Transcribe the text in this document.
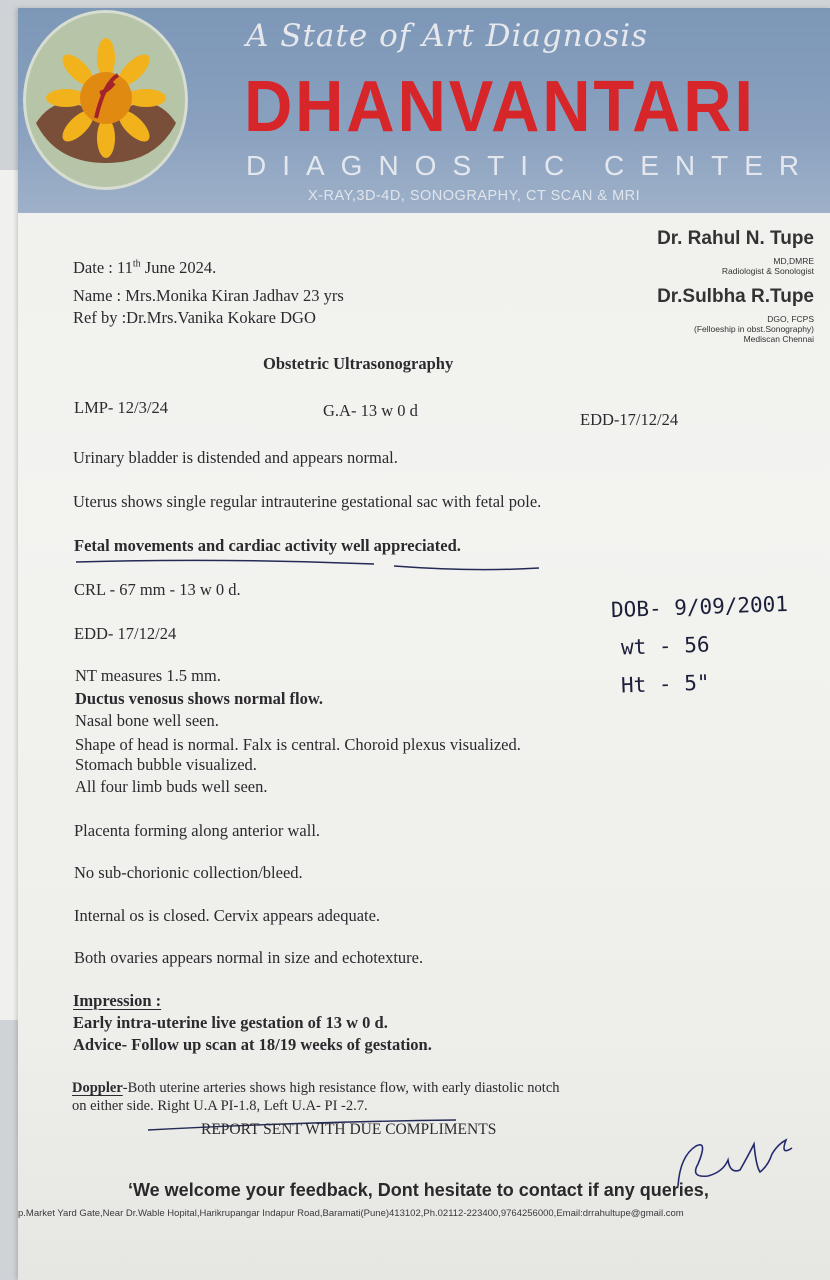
A State of Art Diagnosis
DHANVANTARI
DIAGNOSTIC CENTER
X-RAY,3D-4D, SONOGRAPHY, CT SCAN & MRI
Dr. Rahul N. Tupe
MD,DMRE
Radiologist & Sonologist
Dr.Sulbha R.Tupe
DGO, FCPS
(Felloeship in obst.Sonography)
Mediscan Chennai
Date : 11th June 2024.
Name : Mrs.Monika Kiran Jadhav 23 yrs
Ref by :Dr.Mrs.Vanika Kokare DGO
Obstetric Ultrasonography
LMP- 12/3/24	G.A- 13 w 0 d	EDD-17/12/24
Urinary bladder is distended and appears normal.
Uterus shows single regular intrauterine gestational sac with fetal pole.
Fetal movements and cardiac activity well appreciated.
CRL - 67 mm - 13 w 0 d.
EDD- 17/12/24
NT measures 1.5 mm.
Ductus venosus shows normal flow.
Nasal bone well seen.
Shape of head is normal. Falx is central. Choroid plexus visualized.
Stomach bubble visualized.
All four limb buds well seen.
Placenta forming along anterior wall.
No sub-chorionic collection/bleed.
Internal os is closed. Cervix appears adequate.
Both ovaries appears normal in size and echotexture.
Impression :
Early intra-uterine live gestation of 13 w 0 d.
Advice- Follow up scan at 18/19 weeks of gestation.
Doppler-Both uterine arteries shows high resistance flow, with early diastolic notch
on either side. Right U.A PI-1.8, Left U.A- PI -2.7.
REPORT SENT WITH DUE COMPLIMENTS
DOB- 9/09/2001
wt - 56
Ht - 5"
‘We welcome your feedback, Dont hesitate to contact if any queries,
p.Market Yard Gate,Near Dr.Wable Hopital,Harikrupangar Indapur Road,Baramati(Pune)413102,Ph.02112-223400,9764256000,Email:drrahultupe@gmail.com
